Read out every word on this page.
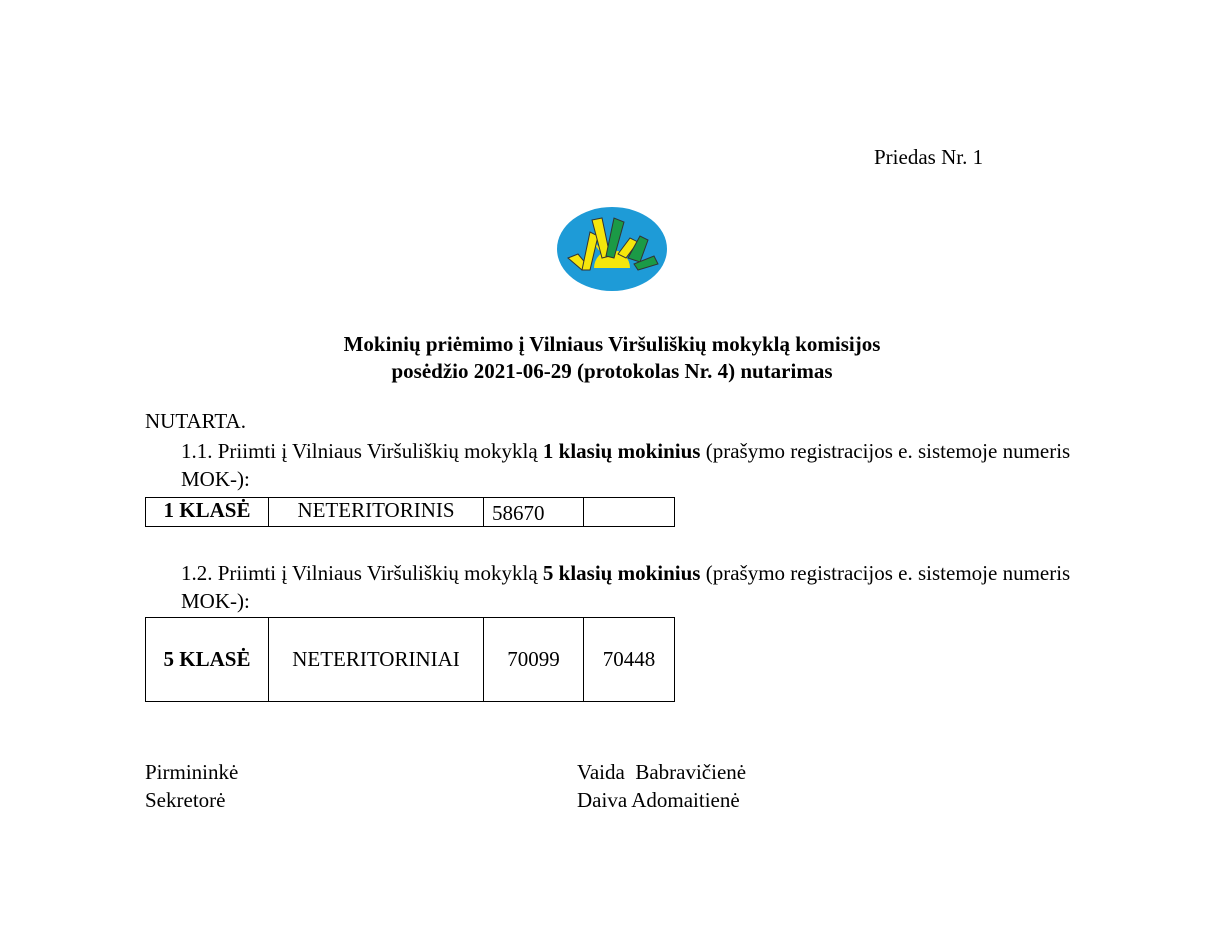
Priedas Nr. 1
Mokinių priėmimo į Vilniaus Viršuliškių mokyklą komisijos
posėdžio 2021-06-29 (protokolas Nr. 4) nutarimas
NUTARTA.
1.1. Priimti į Vilniaus Viršuliškių mokyklą 1 klasių mokinius (prašymo registracijos e. sistemoje numeris MOK-):
1 KLASĖ	NETERITORINIS	58670	
1.2. Priimti į Vilniaus Viršuliškių mokyklą 5 klasių mokinius (prašymo registracijos e. sistemoje numeris MOK-):
5 KLASĖ	NETERITORINIAI	70099	70448
Pirmininkė	Vaida  Babravičienė
Sekretorė	Daiva Adomaitienė
